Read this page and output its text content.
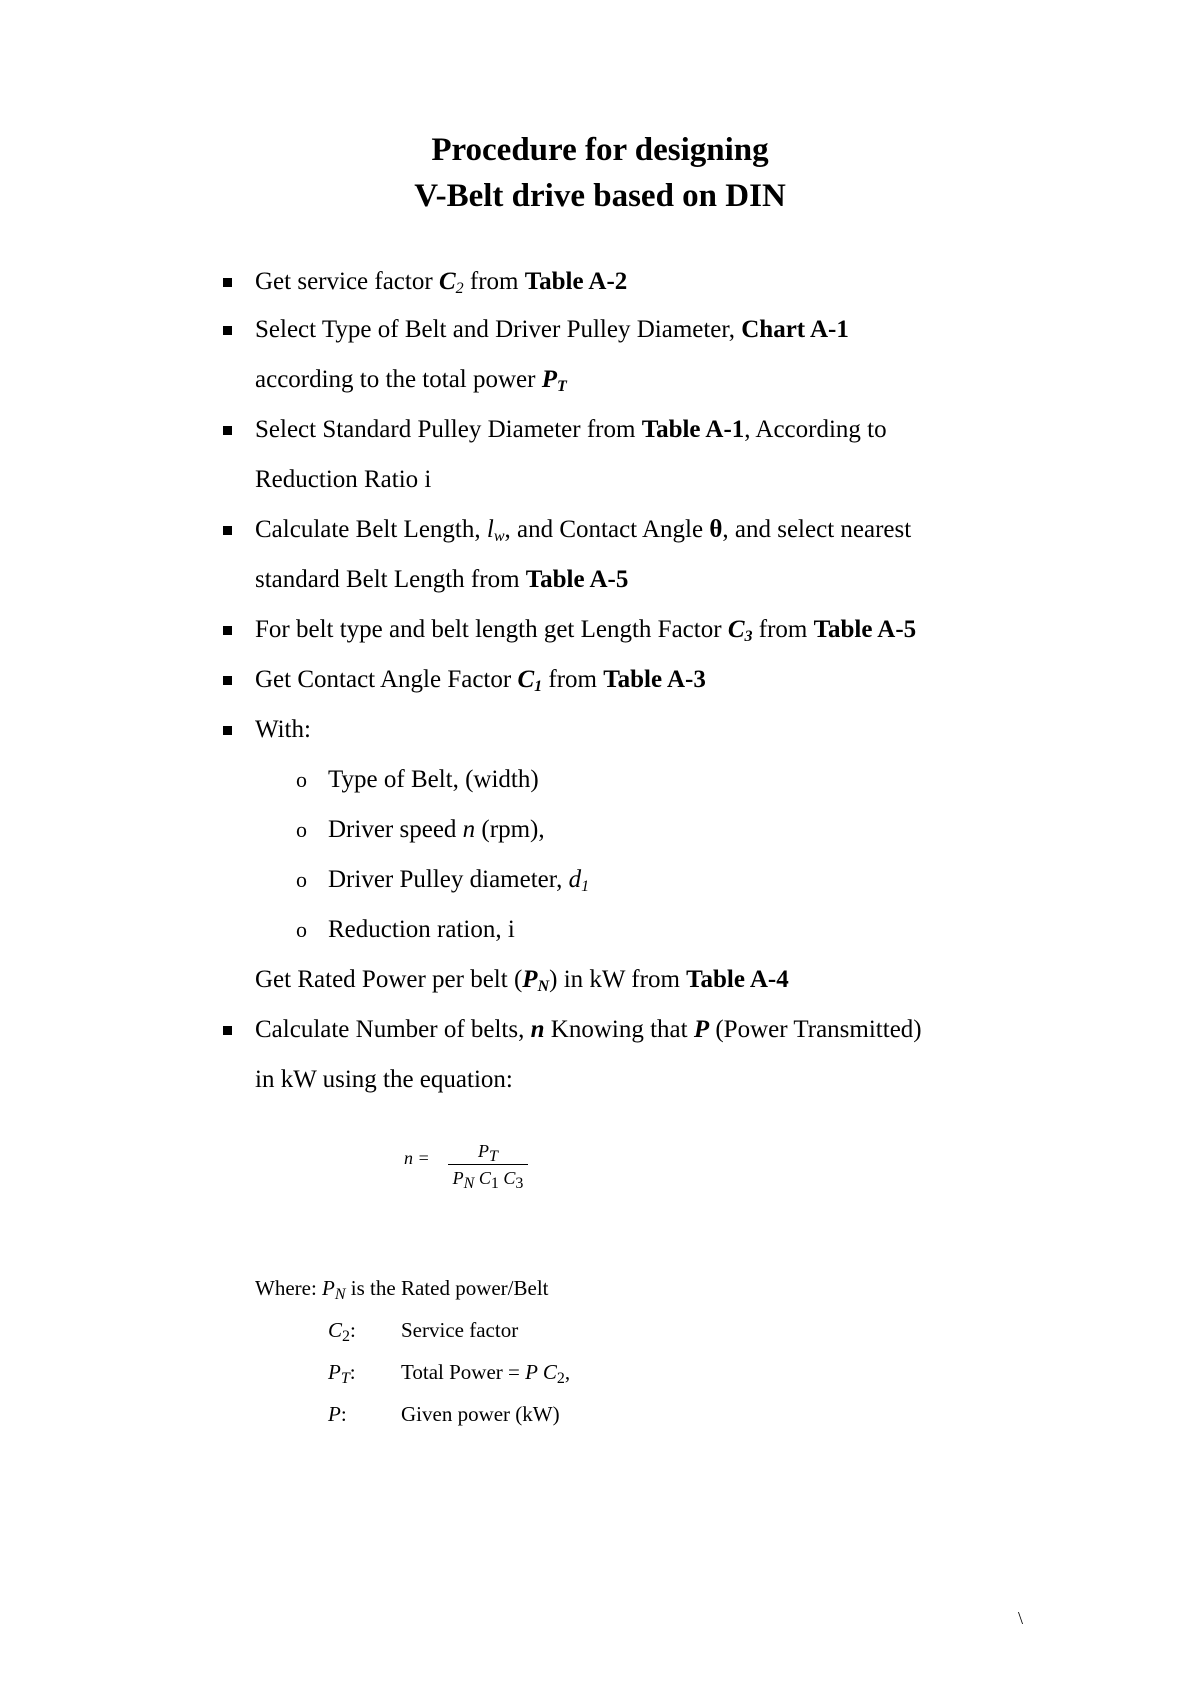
Procedure for designing
V-Belt drive based on DIN
Get service factor $C_2$ from Table A-2
Select Type of Belt and Driver Pulley Diameter, Chart A-1
according to the total power $P_T$
Select Standard Pulley Diameter from Table A-1, According to
Reduction Ratio i
Calculate Belt Length, $l_w$, and Contact Angle θ, and select nearest
standard Belt Length from Table A-5
For belt type and belt length get Length Factor $C_3$ from Table A-5
Get Contact Angle Factor $C_1$ from Table A-3
With:
o Type of Belt, (width)
o Driver speed n (rpm),
o Driver Pulley diameter, $d_1$
o Reduction ration, i
Get Rated Power per belt $(P_N)$ in kW from Table A-4
Calculate Number of belts, n Knowing that P (Power Transmitted)
in kW using the equation:
n =	$P_T$
$P_N$ $C_1$ $C_3$
Where: $P_N$ is the Rated power/Belt
$C_2$: Service factor
$P_T$: Total Power = P $C_2$,
P:	Given power (kW)
\
